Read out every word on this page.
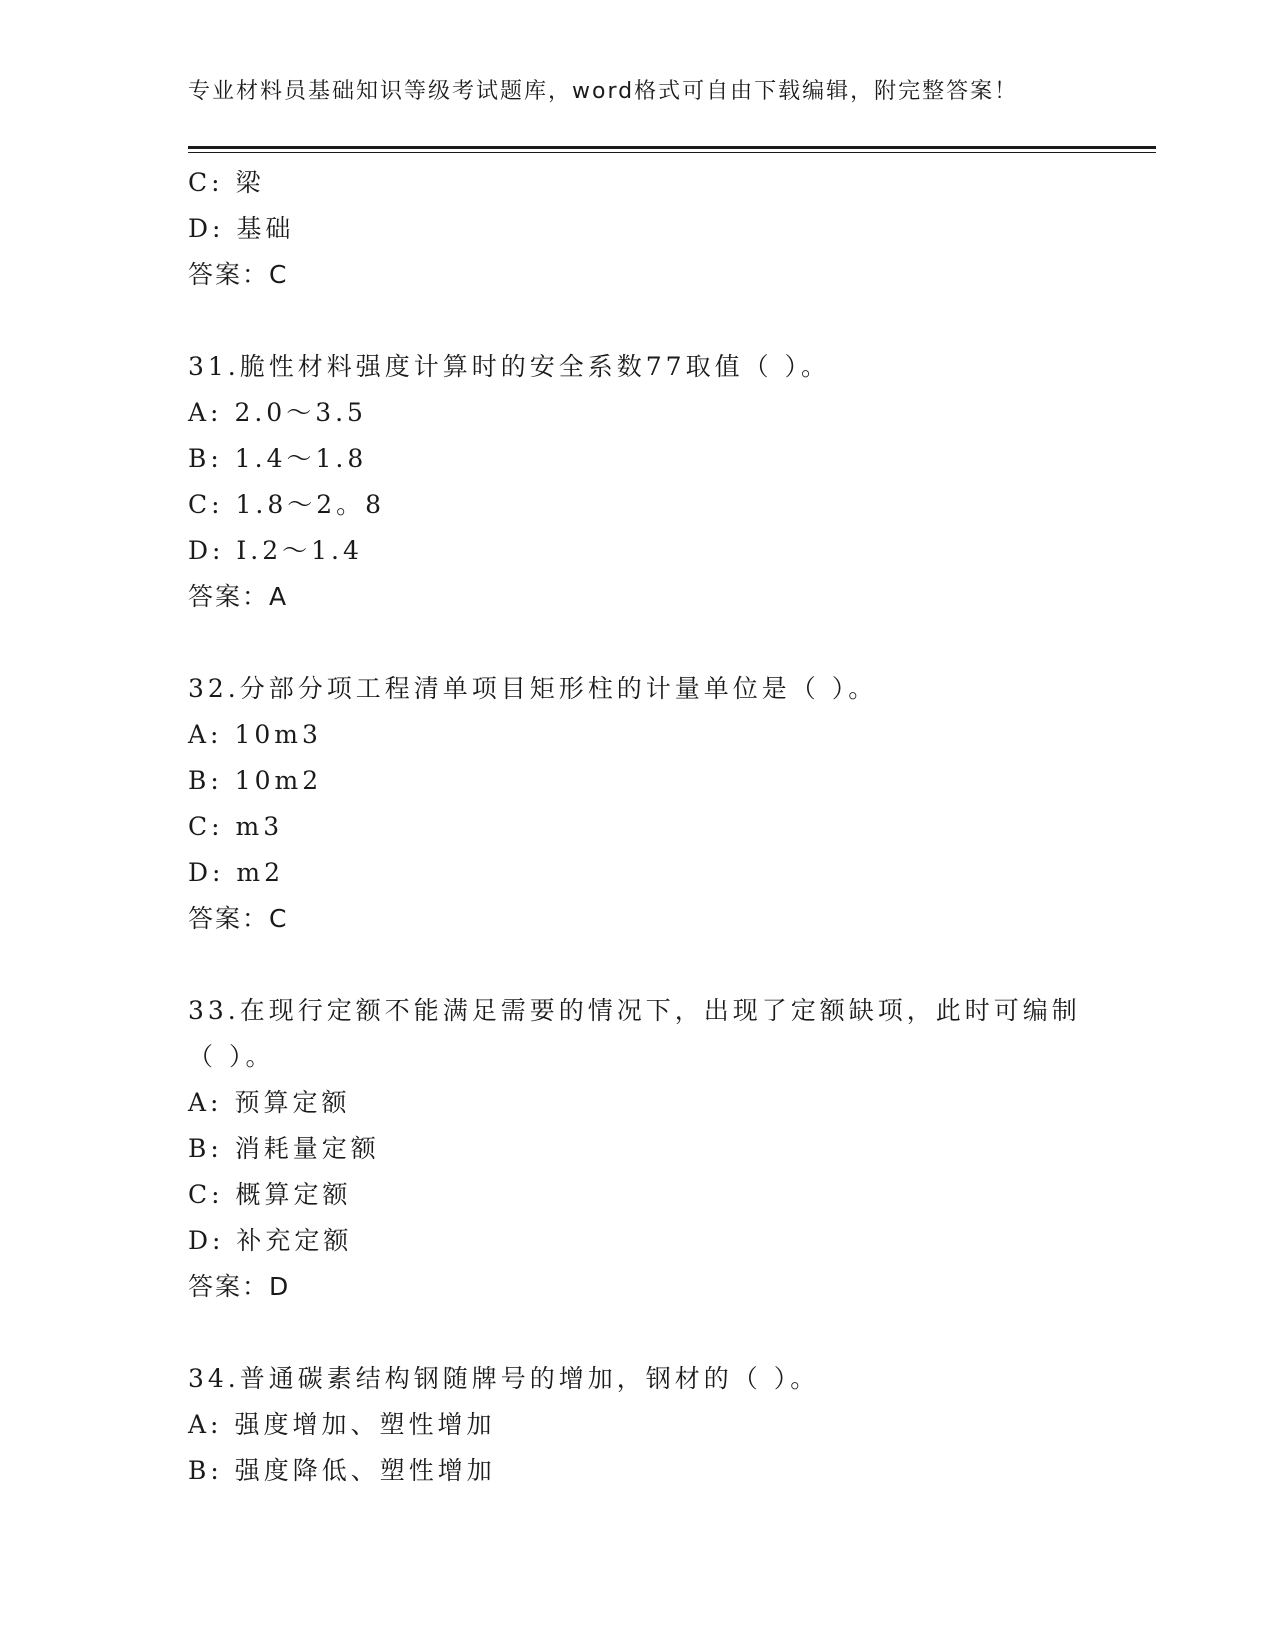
专业材料员基础知识等级考试题库，word格式可自由下载编辑，附完整答案！
C: 梁
D: 基础
答案：C
31.脆性材料强度计算时的安全系数77取值（ ）。
A: 2.0～3.5
B: 1.4～1.8
C: 1.8～2。8
D: I.2～1.4
答案：A
32.分部分项工程清单项目矩形柱的计量单位是（ ）。
A: 10m3
B: 10m2
C: m3
D: m2
答案：C
33.在现行定额不能满足需要的情况下，出现了定额缺项，此时可编制
（ ）。
A: 预算定额
B: 消耗量定额
C: 概算定额
D: 补充定额
答案：D
34.普通碳素结构钢随牌号的增加，钢材的（ ）。
A: 强度增加、塑性增加
B: 强度降低、塑性增加
